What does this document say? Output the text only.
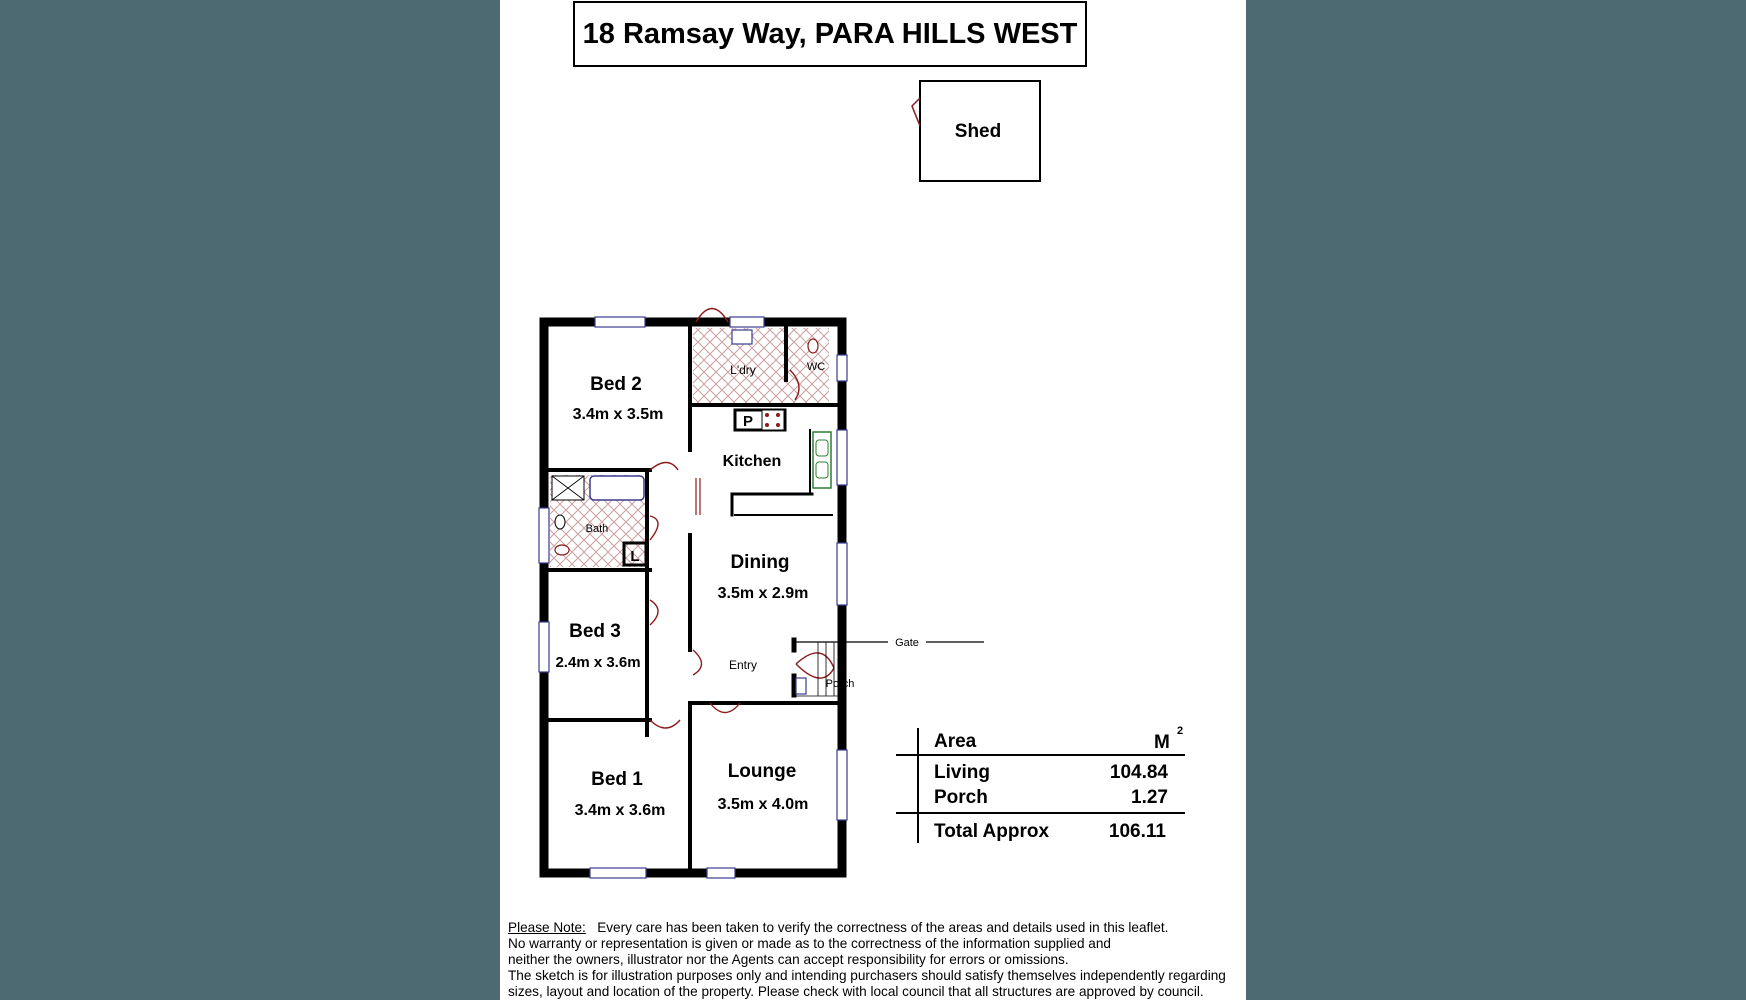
18 Ramsay Way, PARA HILLS WEST
Shed
Bed 2
3.4m x 3.5m
L'dry	WC
P
Kitchen
Bath
L	Dining
3.5m x 2.9m
Bed 3
2.4m x 3.6m	Entry
Porch
Gate
Bed 1
3.4m x 3.6m
Lounge
3.5m x 4.0m
Area	M
2
Living	104.84
Porch	1.27
Total Approx	106.11
Please Note: Every care has been taken to verify the correctness of the areas and details used in this leaflet.
No warranty or representation is given or made as to the correctness of the information supplied and
neither the owners, illustrator nor the Agents can accept responsibility for errors or omissions.
The sketch is for illustration purposes only and intending purchasers should satisfy themselves independently regarding
sizes, layout and location of the property. Please check with local council that all structures are approved by council.
